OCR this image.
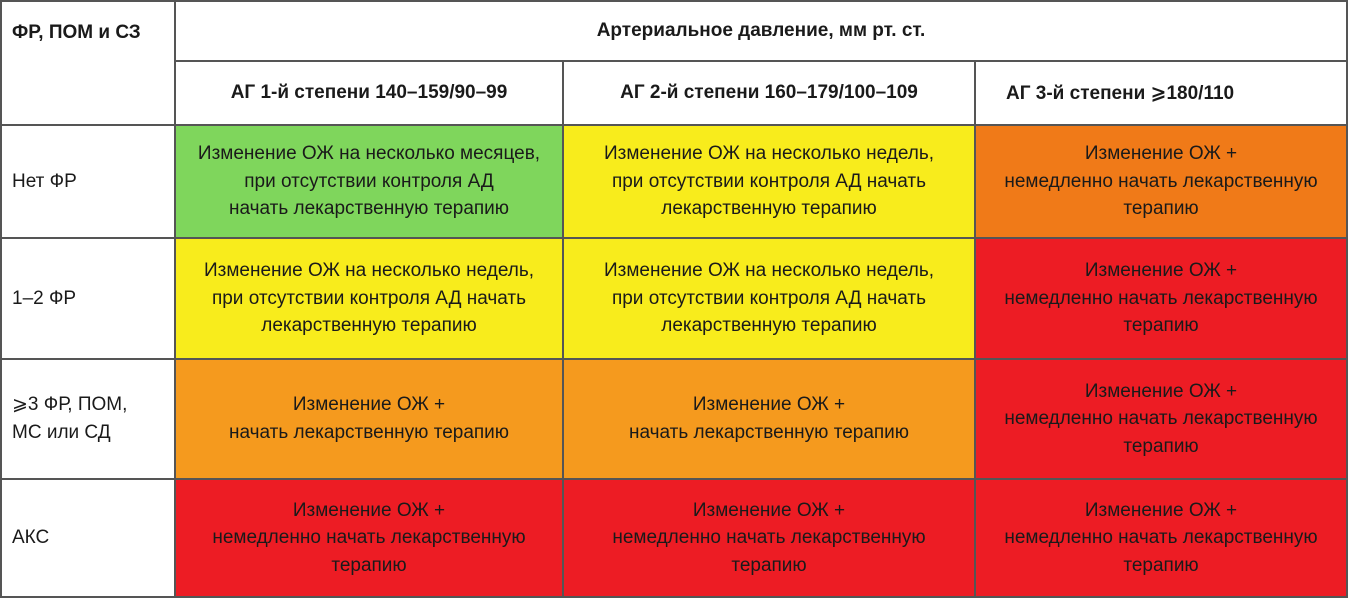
ФР, ПОМ и СЗ	Артериальное давление, мм рт. ст.		
	АГ 1-й степени 140–159/90–99	АГ 2-й степени 160–179/100–109	АГ 3-й степени ⩾180/110

Нет ФР	Изменение ОЖ на несколько месяцев,
при отсутствии контроля АД
начать лекарственную терапию	Изменение ОЖ на несколько недель,
при отсутствии контроля АД начать
лекарственную терапию	Изменение ОЖ +
немедленно начать лекарственную
терапию

1–2 ФР	Изменение ОЖ на несколько недель,
при отсутствии контроля АД начать
лекарственную терапию	Изменение ОЖ на несколько недель,
при отсутствии контроля АД начать
лекарственную терапию	Изменение ОЖ +
немедленно начать лекарственную
терапию

⩾3 ФР, ПОМ,
МС или СД	Изменение ОЖ +
начать лекарственную терапию	Изменение ОЖ +
начать лекарственную терапию	Изменение ОЖ +
немедленно начать лекарственную
терапию

АКС	Изменение ОЖ +
немедленно начать лекарственную
терапию	Изменение ОЖ +
немедленно начать лекарственную
терапию	Изменение ОЖ +
немедленно начать лекарственную
терапию
